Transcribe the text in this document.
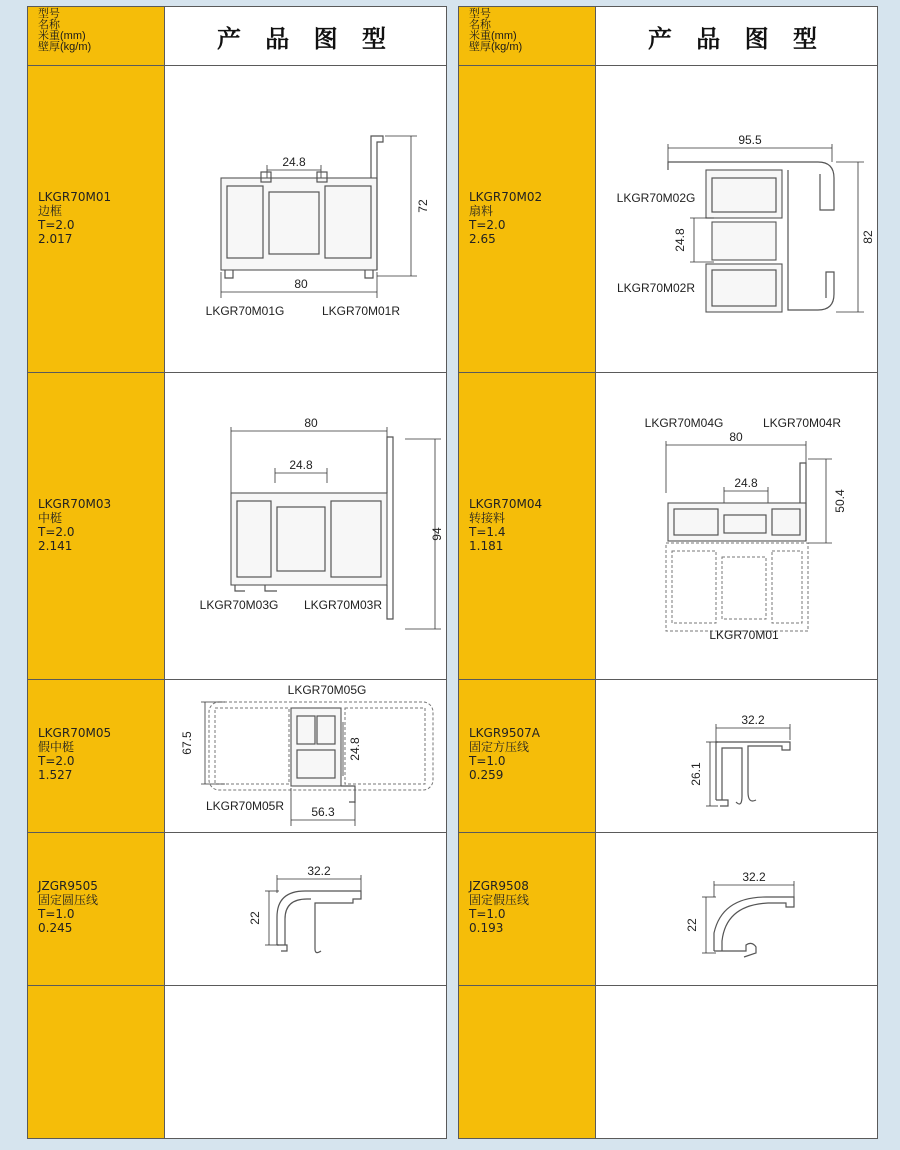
型号
名称
米重(mm)
壁厚(kg/m)	产 品 图 型
LKGR70M01
边框
T=2.0
2.017
24.8
72
80
LKGR70M01G	LKGR70M01R
LKGR70M03
中梃
T=2.0
2.141
80
24.8
94
LKGR70M03G LKGR70M03R
LKGR70M05
假中梃
T=2.0
1.527
LKGR70M05G
67.5	24.8
56.3
LKGR70M05R
JZGR9505
固定圆压线
T=1.0
0.245
32.2
22
型号
名称
米重(mm)
壁厚(kg/m)	产 品 图 型
LKGR70M02
扇料
T=2.0
2.65
95.5
24.8	82
LKGR70M02G
LKGR70M02R
LKGR70M04
转接料
T=1.4
1.181
LKGR70M04G	LKGR70M04R
80
24.8
50.4
LKGR70M01
LKGR9507A
固定方压线
T=1.0
0.259
32.2
26.1
JZGR9508
固定假压线
T=1.0
0.193
32.2
22
